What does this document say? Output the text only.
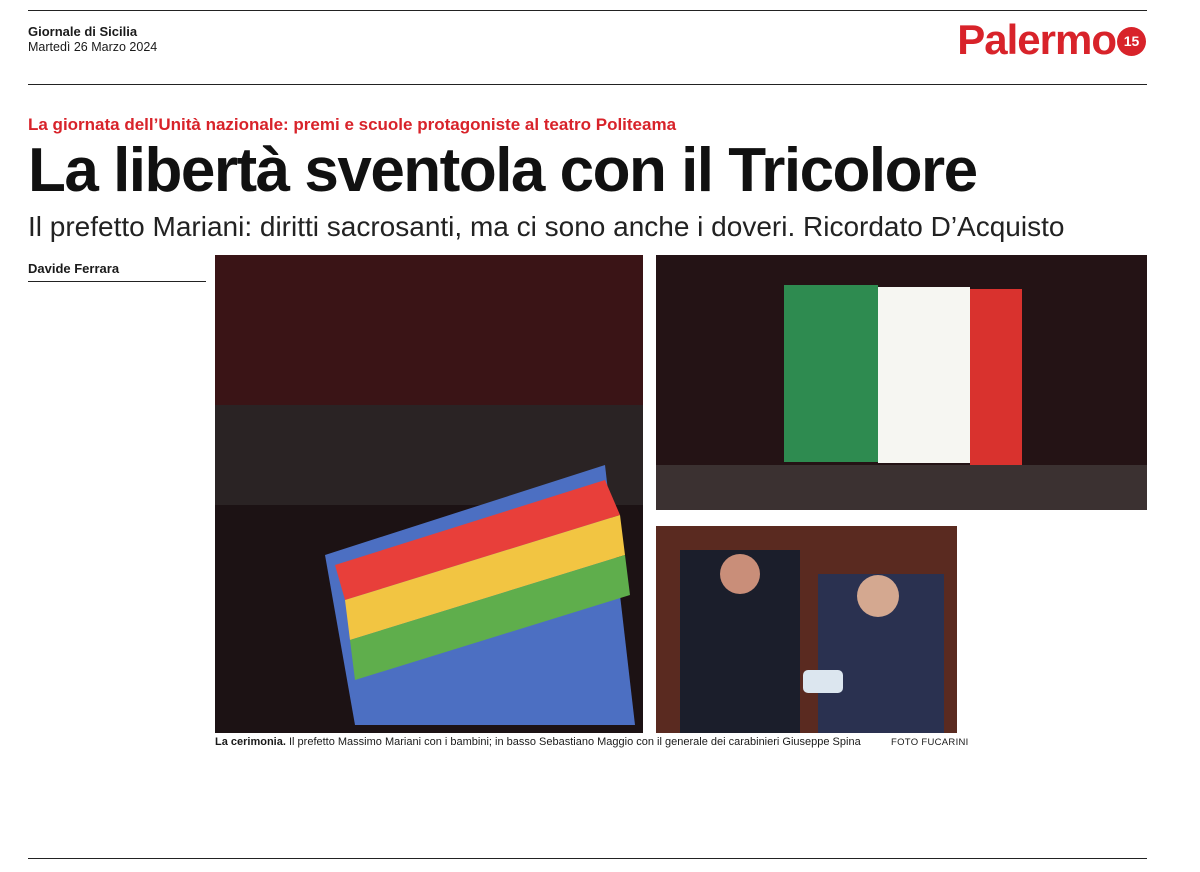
Giornale di Sicilia
Martedì 26 Marzo 2024	Palermo 15
La giornata dell’Unità nazionale: premi e scuole protagoniste al teatro Politeama
La libertà sventola con il Tricolore
Il prefetto Mariani: diritti sacrosanti, ma ci sono anche i doveri. Ricordato D’Acquisto
Davide Ferrara

La cerimonia. Il prefetto Massimo Mariani con i bambini; in basso Sebastiano Maggio con il generale dei carabinieri Giuseppe Spina	FOTO FUCARINI
